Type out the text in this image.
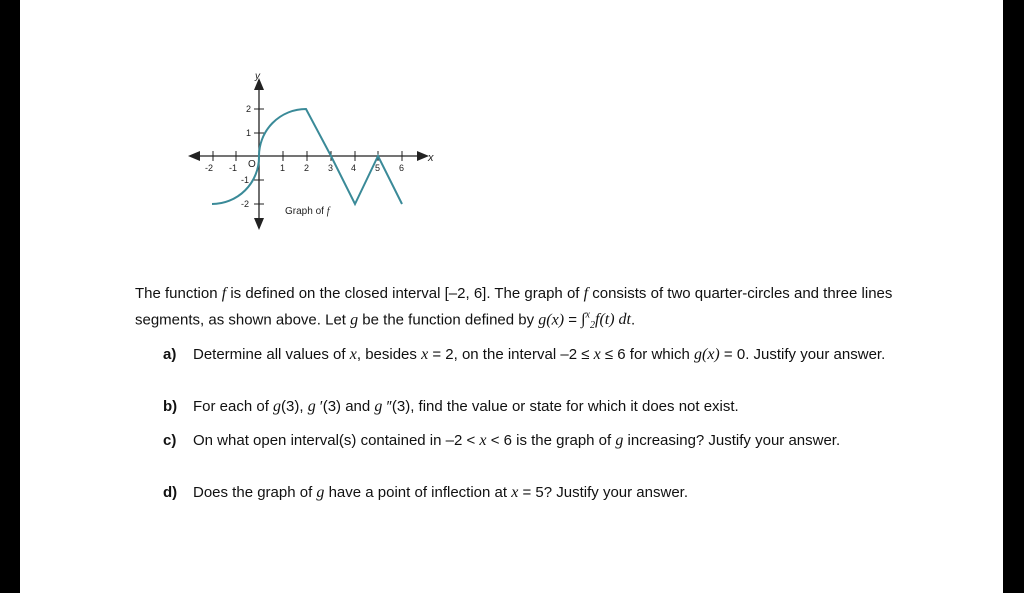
y
x
O
-2 -1	1 2 3 4 5 6
2
1
-1
-2
Graph of f
The function f is defined on the closed interval [–2, 6]. The graph of f consists of two quarter-circles and three lines segments, as shown above. Let g be the function defined by g(x) = ∫$^x_2$f(t) dt.
a) Determine all values of x, besides x = 2, on the interval –2 ≤ x ≤ 6 for which g(x) = 0. Justify your answer.
b) For each of g(3), g ′(3) and g ″(3), find the value or state for which it does not exist.
c) On what open interval(s) contained in –2 < x < 6 is the graph of g increasing? Justify your answer.
d) Does the graph of g have a point of inflection at x = 5? Justify your answer.
